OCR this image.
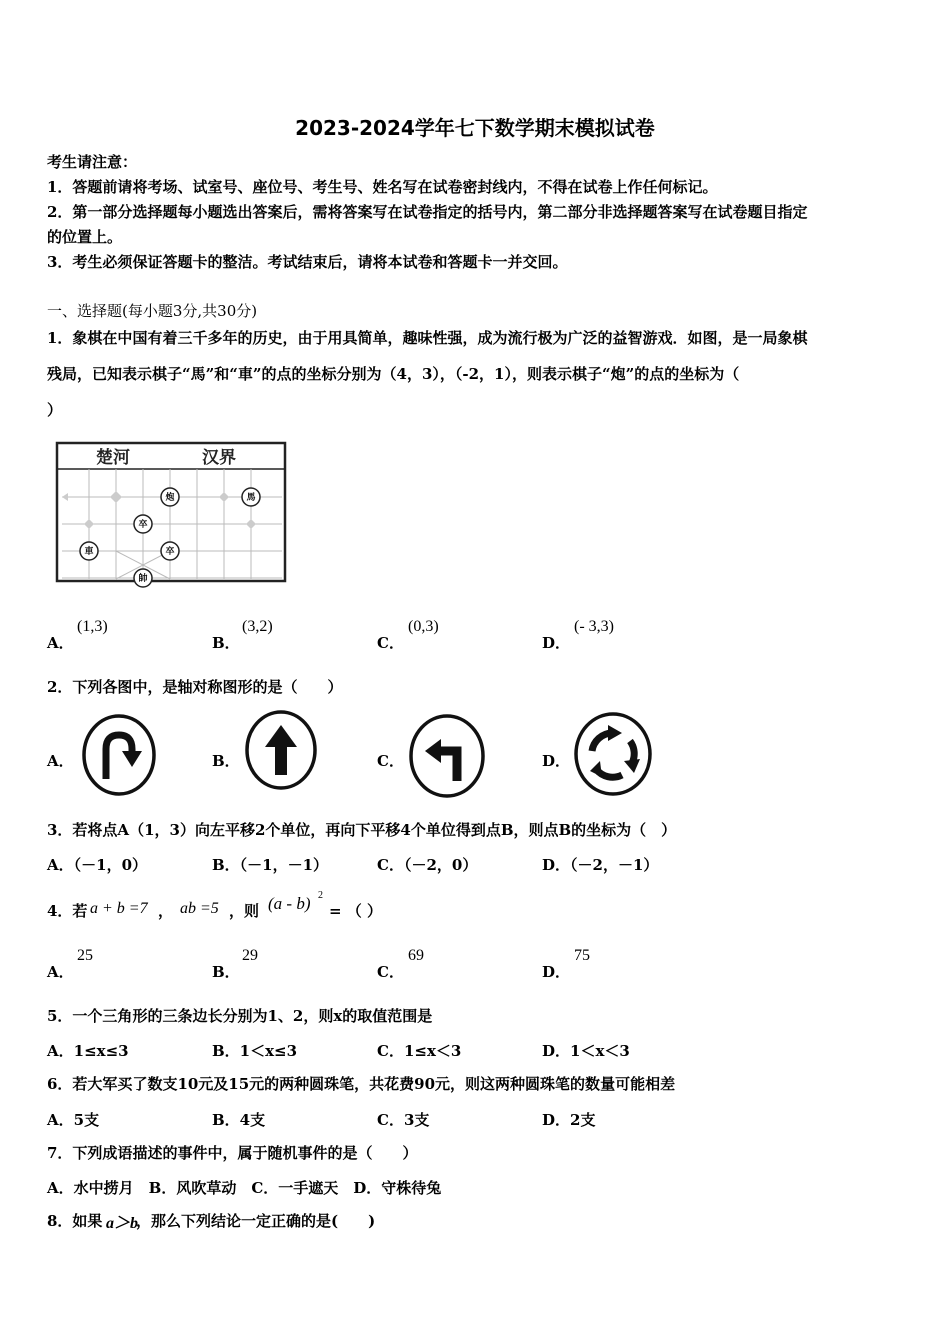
2023-2024学年七下数学期末模拟试卷
考生请注意：
1．答题前请将考场、试室号、座位号、考生号、姓名写在试卷密封线内，不得在试卷上作任何标记。
2．第一部分选择题每小题选出答案后，需将答案写在试卷指定的括号内，第二部分非选择题答案写在试卷题目指定
的位置上。
3．考生必须保证答题卡的整洁。考试结束后，请将本试卷和答题卡一并交回。
一、选择题(每小题3分,共30分)
1．象棋在中国有着三千多年的历史，由于用具简单，趣味性强，成为流行极为广泛的益智游戏．如图，是一局象棋
残局，已知表示棋子“馬”和“車”的点的坐标分别为（4，3），（-2，1），则表示棋子“炮”的点的坐标为（
）
楚河	汉界
炮	馬
卒
車	卒
帥
A．
(1,3)
B．
(3,2)
C．
(0,3)
D．
(- 3,3)
2．下列各图中，是轴对称图形的是（　　）
A．	B．	C．	D．
3．若将点A（1，3）向左平移2个单位，再向下平移4个单位得到点B，则点B的坐标为（　）
A．（－1，0）	B．（－1，－1）	C．（－2，0）	D．（－2，－1）
4．若 a + b =7 ， ab =5 ，则 (a - b) 2
= （ ）
A．
25
B．
29
C．
69
D．
75
5．一个三角形的三条边长分别为1、2，则x的取值范围是
A．1≤x≤3	B．1＜x≤3	C．1≤x＜3	D．1＜x＜3
6．若大军买了数支10元及15元的两种圆珠笔，共花费90元，则这两种圆珠笔的数量可能相差
A．5支	B．4支	C．3支	D．2支
7．下列成语描述的事件中，属于随机事件的是（　　）
A．水中捞月　B．风吹草动　C．一手遮天　D．守株待兔
8．如果 a＞b
，那么下列结论一定正确的是(　　)
